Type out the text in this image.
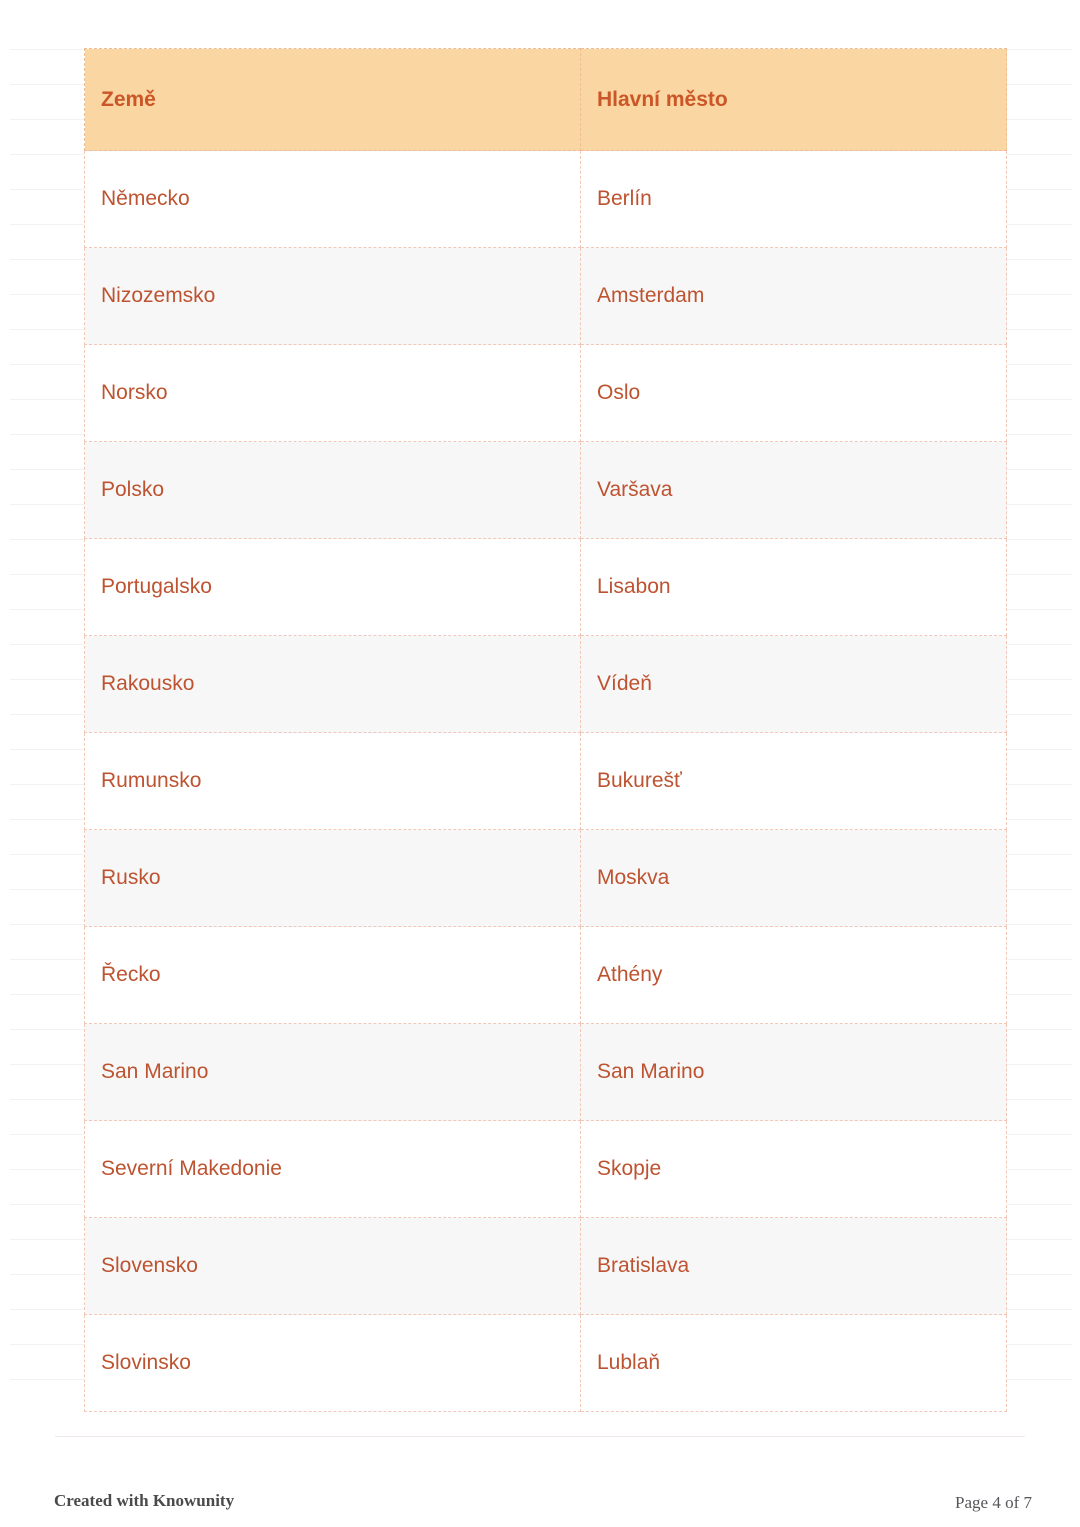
Země	Hlavní město
Německo	Berlín
Nizozemsko	Amsterdam
Norsko	Oslo
Polsko	Varšava
Portugalsko	Lisabon
Rakousko	Vídeň
Rumunsko	Bukurešť
Rusko	Moskva
Řecko	Athény
San Marino	San Marino
Severní Makedonie	Skopje
Slovensko	Bratislava
Slovinsko	Lublaň
Created with Knowunity	Page 4 of 7
